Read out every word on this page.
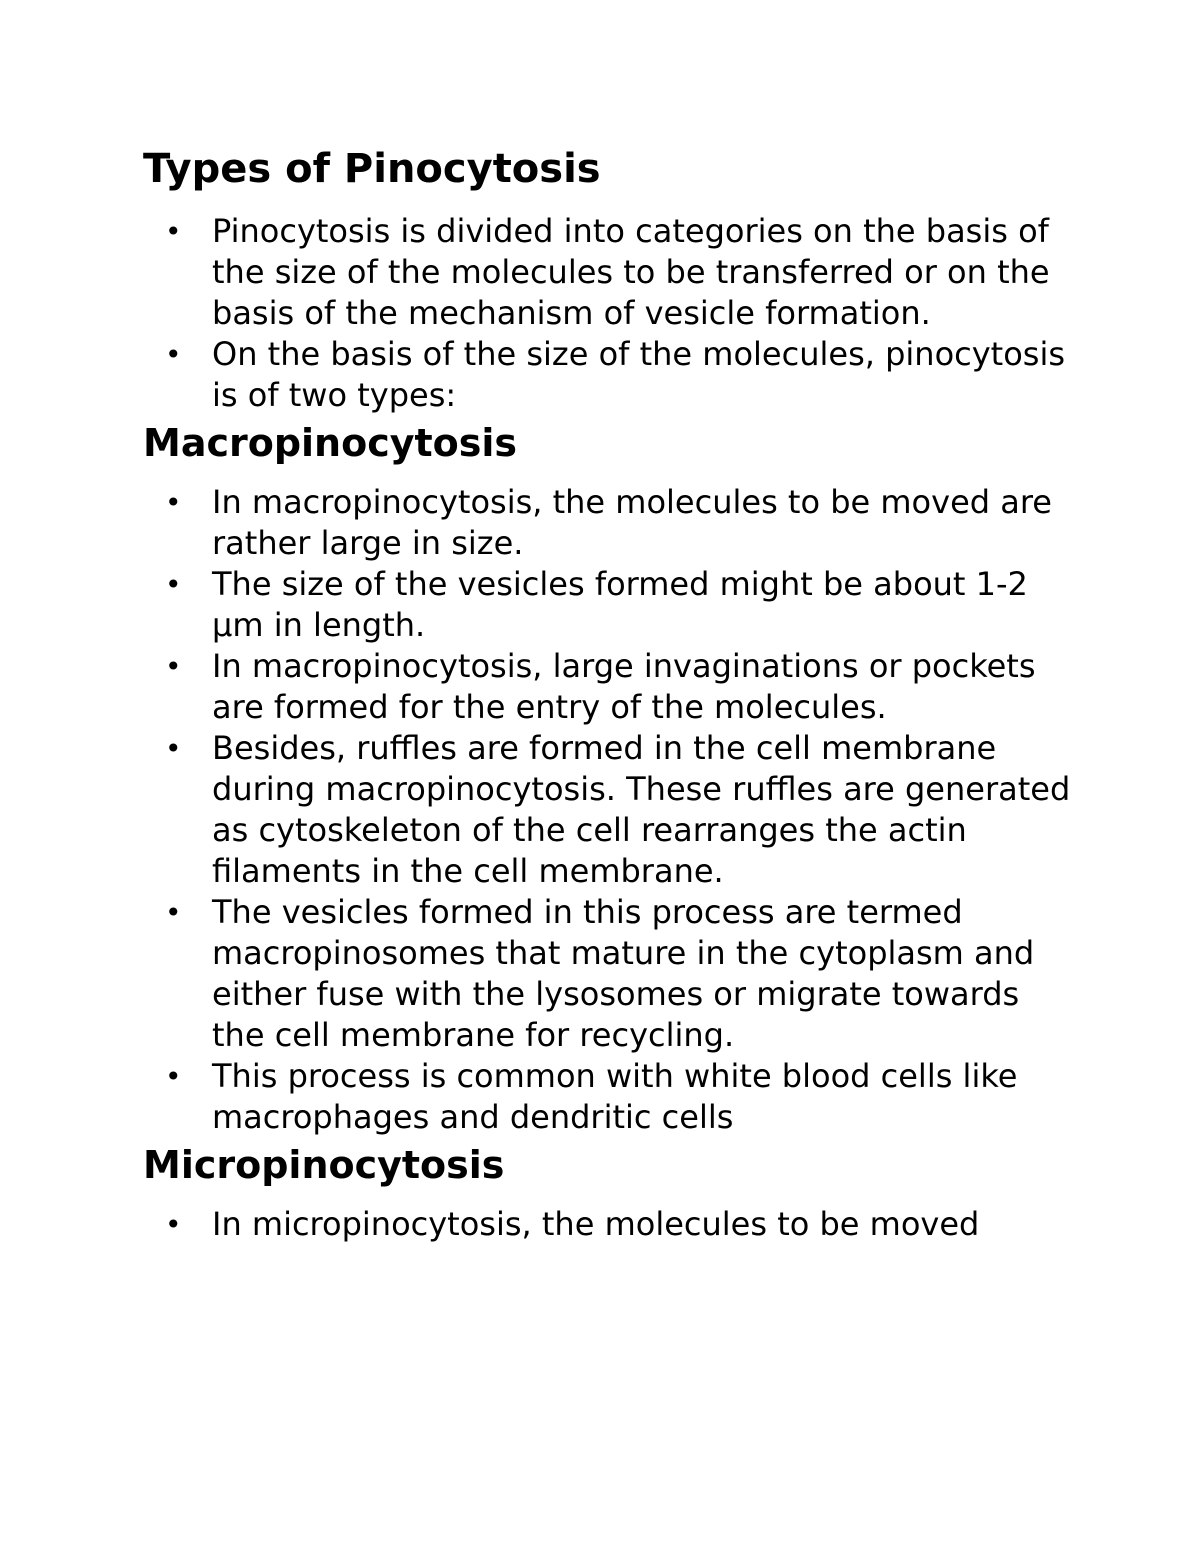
Types of Pinocytosis
• Pinocytosis is divided into categories on the basis of the size of the molecules to be transferred or on the basis of the mechanism of vesicle formation.
• On the basis of the size of the molecules, pinocytosis is of two types:
Macropinocytosis
• In macropinocytosis, the molecules to be moved are rather large in size.
• The size of the vesicles formed might be about 1-2 µm in length.
• In macropinocytosis, large invaginations or pockets are formed for the entry of the molecules.
• Besides, ruffles are formed in the cell membrane during macropinocytosis. These ruffles are generated as cytoskeleton of the cell rearranges the actin filaments in the cell membrane.
• The vesicles formed in this process are termed macropinosomes that mature in the cytoplasm and either fuse with the lysosomes or migrate towards the cell membrane for recycling.
• This process is common with white blood cells like macrophages and dendritic cells
Micropinocytosis
• In micropinocytosis, the molecules to be moved
